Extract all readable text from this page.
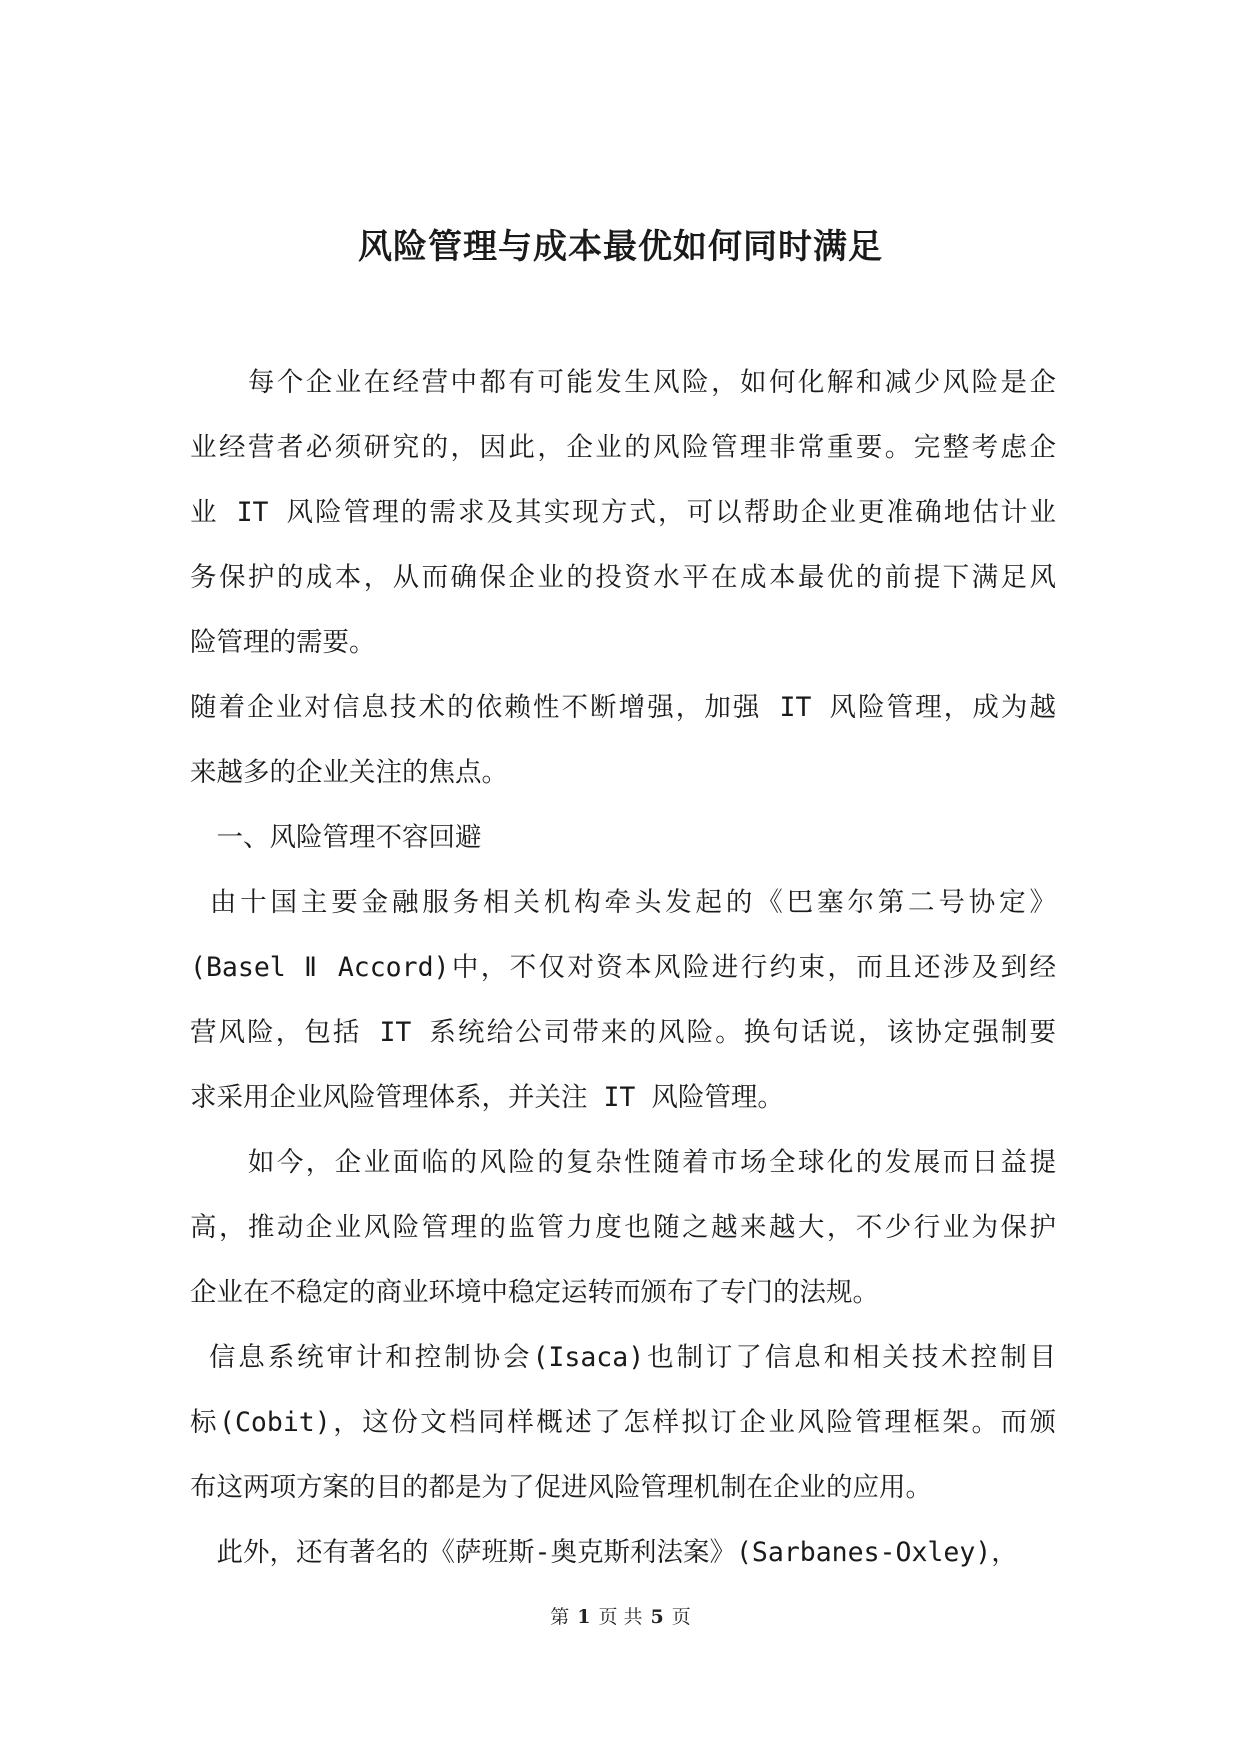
风险管理与成本最优如何同时满足
　　每个企业在经营中都有可能发生风险，如何化解和减少风险是企
业经营者必须研究的，因此，企业的风险管理非常重要。完整考虑企
业 IT 风险管理的需求及其实现方式，可以帮助企业更准确地估计业
务保护的成本，从而确保企业的投资水平在成本最优的前提下满足风
险管理的需要。
随着企业对信息技术的依赖性不断增强，加强 IT 风险管理，成为越
来越多的企业关注的焦点。
　一、风险管理不容回避
由十国主要金融服务相关机构牵头发起的《巴塞尔第二号协定》
(Basel Ⅱ Accord)中，不仅对资本风险进行约束，而且还涉及到经
营风险，包括 IT 系统给公司带来的风险。换句话说，该协定强制要
求采用企业风险管理体系，并关注 IT 风险管理。
　　如今，企业面临的风险的复杂性随着市场全球化的发展而日益提
高，推动企业风险管理的监管力度也随之越来越大，不少行业为保护
企业在不稳定的商业环境中稳定运转而颁布了专门的法规。
信息系统审计和控制协会(Isaca)也制订了信息和相关技术控制目
标(Cobit)，这份文档同样概述了怎样拟订企业风险管理框架。而颁
布这两项方案的目的都是为了促进风险管理机制在企业的应用。
　此外，还有著名的《萨班斯-奥克斯利法案》(Sarbanes-Oxley)，
第 1 页 共 5 页
